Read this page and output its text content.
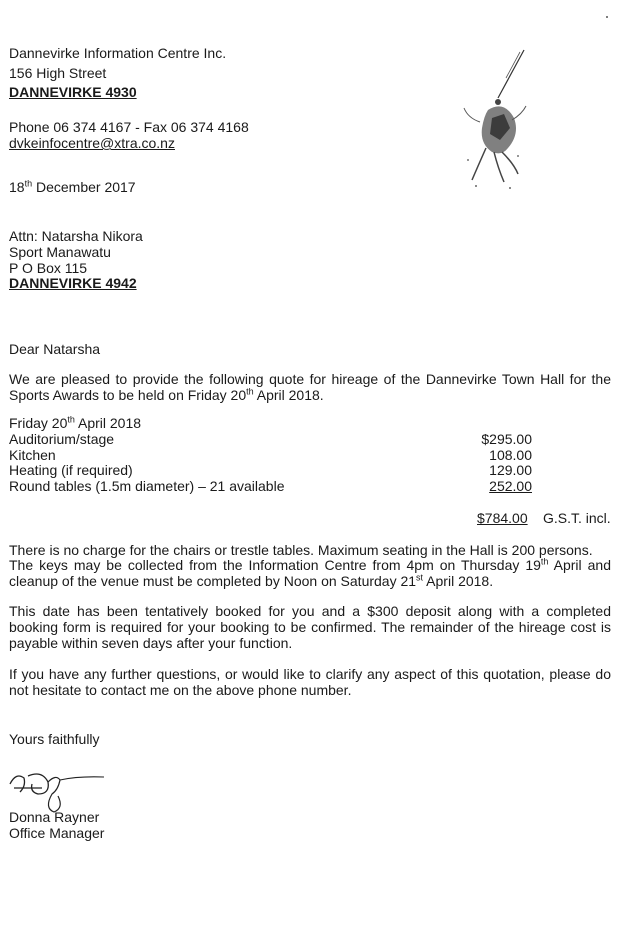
Dannevirke Information Centre Inc.
156 High Street
DANNEVIRKE 4930
Phone 06 374 4167 - Fax 06 374 4168
dvkeinfocentre@xtra.co.nz
18th December 2017
Attn: Natarsha Nikora
Sport Manawatu
P O Box 115
DANNEVIRKE 4942
Dear Natarsha
We are pleased to provide the following quote for hireage of the Dannevirke Town Hall for the Sports Awards to be held on Friday 20th April 2018.
Friday 20th April 2018
Auditorium/stage	$295.00
Kitchen	108.00
Heating (if required)	129.00
Round tables (1.5m diameter) – 21 available	252.00
$784.00 G.S.T. incl.
There is no charge for the chairs or trestle tables. Maximum seating in the Hall is 200 persons.
The keys may be collected from the Information Centre from 4pm on Thursday 19th April and cleanup of the venue must be completed by Noon on Saturday 21st April 2018.
This date has been tentatively booked for you and a $300 deposit along with a completed booking form is required for your booking to be confirmed. The remainder of the hireage cost is payable within seven days after your function.
If you have any further questions, or would like to clarify any aspect of this quotation, please do not hesitate to contact me on the above phone number.
Yours faithfully
Donna Rayner
Office Manager
